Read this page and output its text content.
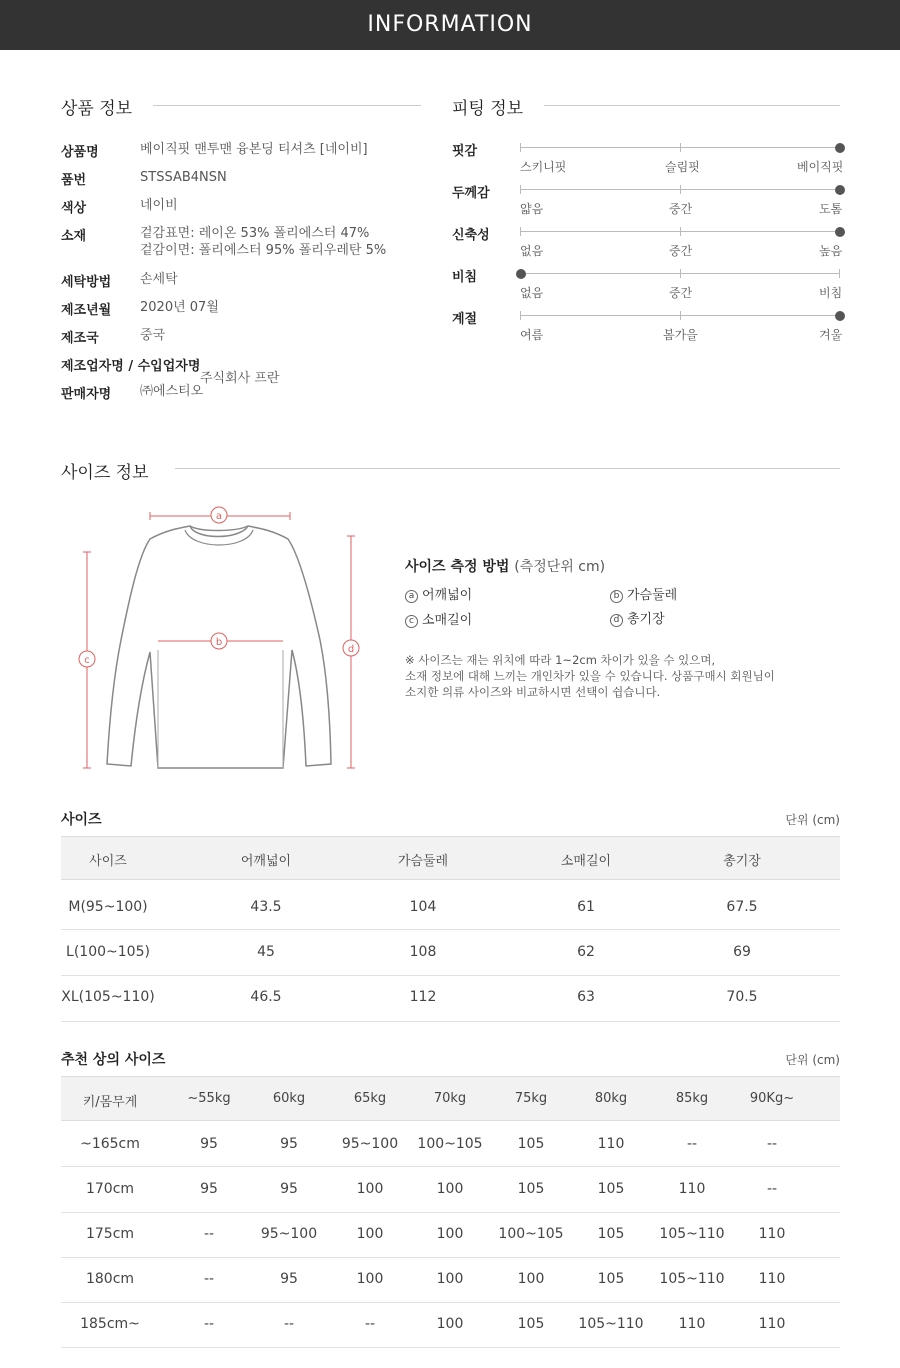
INFORMATION
상품 정보
상품명	베이직핏 맨투맨 융본딩 티셔츠 [네이비]
품번	STSSAB4NSN
색상	네이비
소재	겉감표면: 레이온 53% 폴리에스터 47%
겉감이면: 폴리에스터 95% 폴리우레탄 5%
세탁방법 손세탁
제조년월 2020년 07월
제조국	중국
제조업자명 / 수입업자명
주식회사 프란
판매자명 ㈜에스티오
피팅 정보
핏감
스키니핏	슬림핏	베이직핏
두께감
얇음	중간	도톰
신축성
없음	중간	높음
비침
없음	중간	비침
계절
여름	봄가을	겨울
사이즈 정보
a
b
c
d
사이즈 측정 방법 (측정단위 cm)
a 어깨넓이	b 가슴둘레
c 소매길이	d 총기장
※ 사이즈는 재는 위치에 따라 1~2cm 차이가 있을 수 있으며,
소재 정보에 대해 느끼는 개인차가 있을 수 있습니다. 상품구매시 회원님이
소지한 의류 사이즈와 비교하시면 선택이 쉽습니다.
사이즈	단위 (cm)
사이즈	어깨넓이	가슴둘레	소매길이	총기장
M(95~100)	43.5	104	61	67.5
L(100~105)	45	108	62	69
XL(105~110)	46.5	112	63	70.5
추천 상의 사이즈	단위 (cm)
키/몸무게	~55kg	60kg	65kg	70kg	75kg	80kg	85kg	90Kg~
~165cm	95	95	95~100	100~105	105	110	--	--
170cm	95	95	100	100	105	105	110	--
175cm	--	95~100	100	100	100~105	105	105~110	110
180cm	--	95	100	100	100	105	105~110	110
185cm~	--	--	--	100	105	105~110	110	110
